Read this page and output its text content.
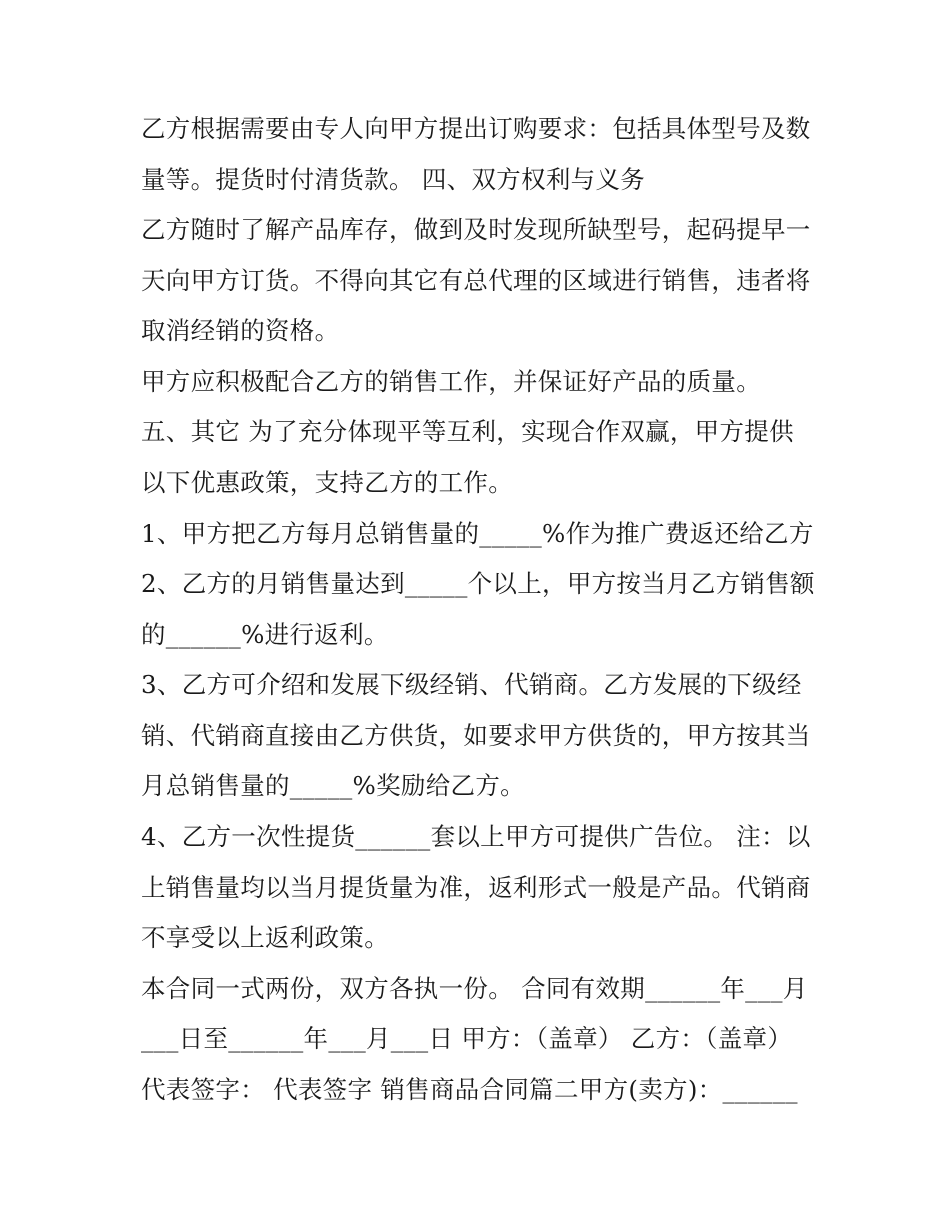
乙方根据需要由专人向甲方提出订购要求：包括具体型号及数
量等。提货时付清货款。 四、双方权利与义务
乙方随时了解产品库存，做到及时发现所缺型号，起码提早一
天向甲方订货。不得向其它有总代理的区域进行销售，违者将
取消经销的资格。
甲方应积极配合乙方的销售工作，并保证好产品的质量。
五、其它 为了充分体现平等互利，实现合作双赢，甲方提供
以下优惠政策，支持乙方的工作。
1、甲方把乙方每月总销售量的_____%作为推广费返还给乙方
2、乙方的月销售量达到_____个以上，甲方按当月乙方销售额
的______%进行返利。
3、乙方可介绍和发展下级经销、代销商。乙方发展的下级经
销、代销商直接由乙方供货，如要求甲方供货的，甲方按其当
月总销售量的_____%奖励给乙方。
4、乙方一次性提货______套以上甲方可提供广告位。 注：以
上销售量均以当月提货量为准，返利形式一般是产品。代销商
不享受以上返利政策。
本合同一式两份，双方各执一份。 合同有效期______年___月
___日至______年___月___日 甲方：（盖章） 乙方：（盖章）
代表签字： 代表签字 销售商品合同篇二甲方(卖方)：______
